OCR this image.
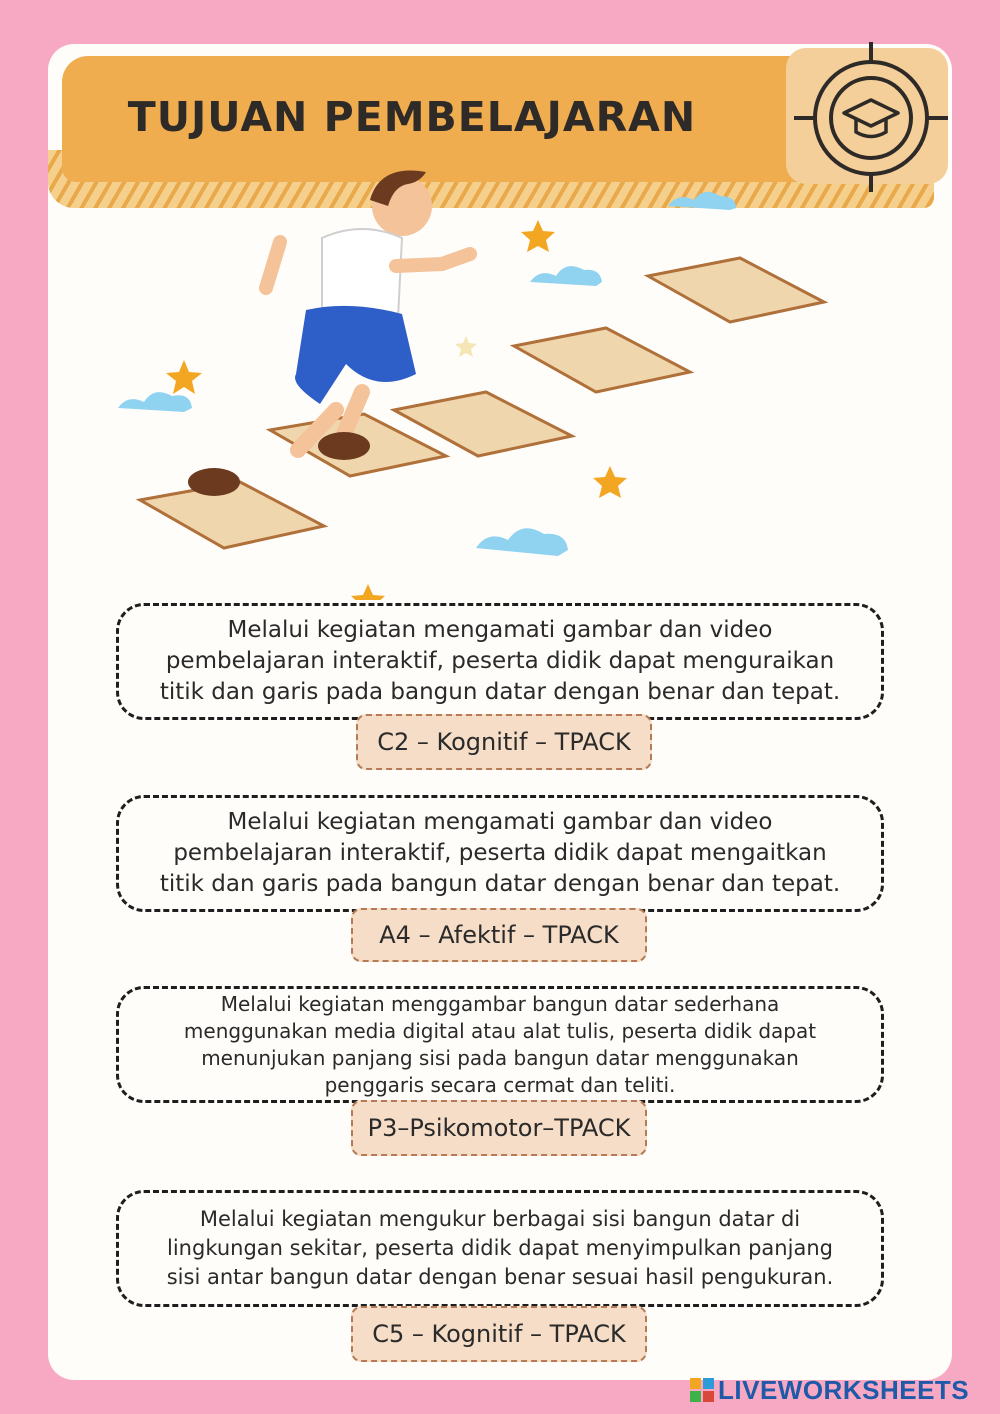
TUJUAN PEMBELAJARAN
Melalui kegiatan mengamati gambar dan video
pembelajaran interaktif, peserta didik dapat menguraikan
titik dan garis pada bangun datar dengan benar dan tepat.
C2 – Kognitif – TPACK
Melalui kegiatan mengamati gambar dan video
pembelajaran interaktif, peserta didik dapat mengaitkan
titik dan garis pada bangun datar dengan benar dan tepat.
A4 – Afektif – TPACK
Melalui kegiatan menggambar bangun datar sederhana
menggunakan media digital atau alat tulis, peserta didik dapat
menunjukan panjang sisi pada bangun datar menggunakan
penggaris secara cermat dan teliti.
P3–Psikomotor–TPACK
Melalui kegiatan mengukur berbagai sisi bangun datar di
lingkungan sekitar, peserta didik dapat menyimpulkan panjang
sisi antar bangun datar dengan benar sesuai hasil pengukuran.
C5 – Kognitif – TPACK
LIVEWORKSHEETS
